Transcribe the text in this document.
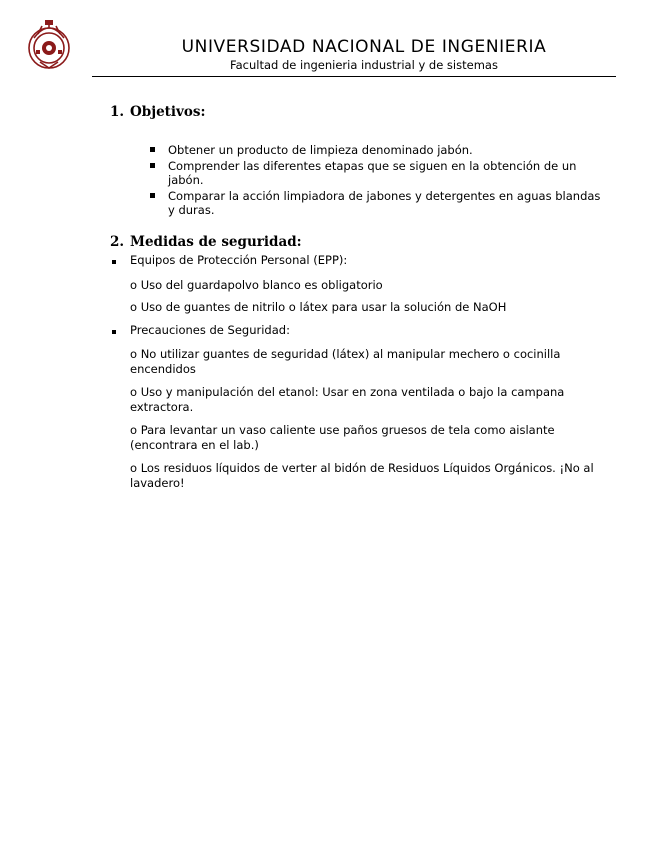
UNIVERSIDAD NACIONAL DE INGENIERIA
Facultad de ingenieria industrial y de sistemas
1. Objetivos:
Obtener un producto de limpieza denominado jabón.
Comprender las diferentes etapas que se siguen en la obtención de un jabón.
Comparar la acción limpiadora de jabones y detergentes en aguas blandas y duras.
2. Medidas de seguridad:
Equipos de Protección Personal (EPP):
o Uso del guardapolvo blanco es obligatorio
o Uso de guantes de nitrilo o látex para usar la solución de NaOH
Precauciones de Seguridad:
o No utilizar guantes de seguridad (látex) al manipular mechero o cocinilla encendidos
o Uso y manipulación del etanol: Usar en zona ventilada o bajo la campana extractora.
o Para levantar un vaso caliente use paños gruesos de tela como aislante (encontrara en el lab.)
o Los residuos líquidos de verter al bidón de Residuos Líquidos Orgánicos. ¡No al lavadero!
